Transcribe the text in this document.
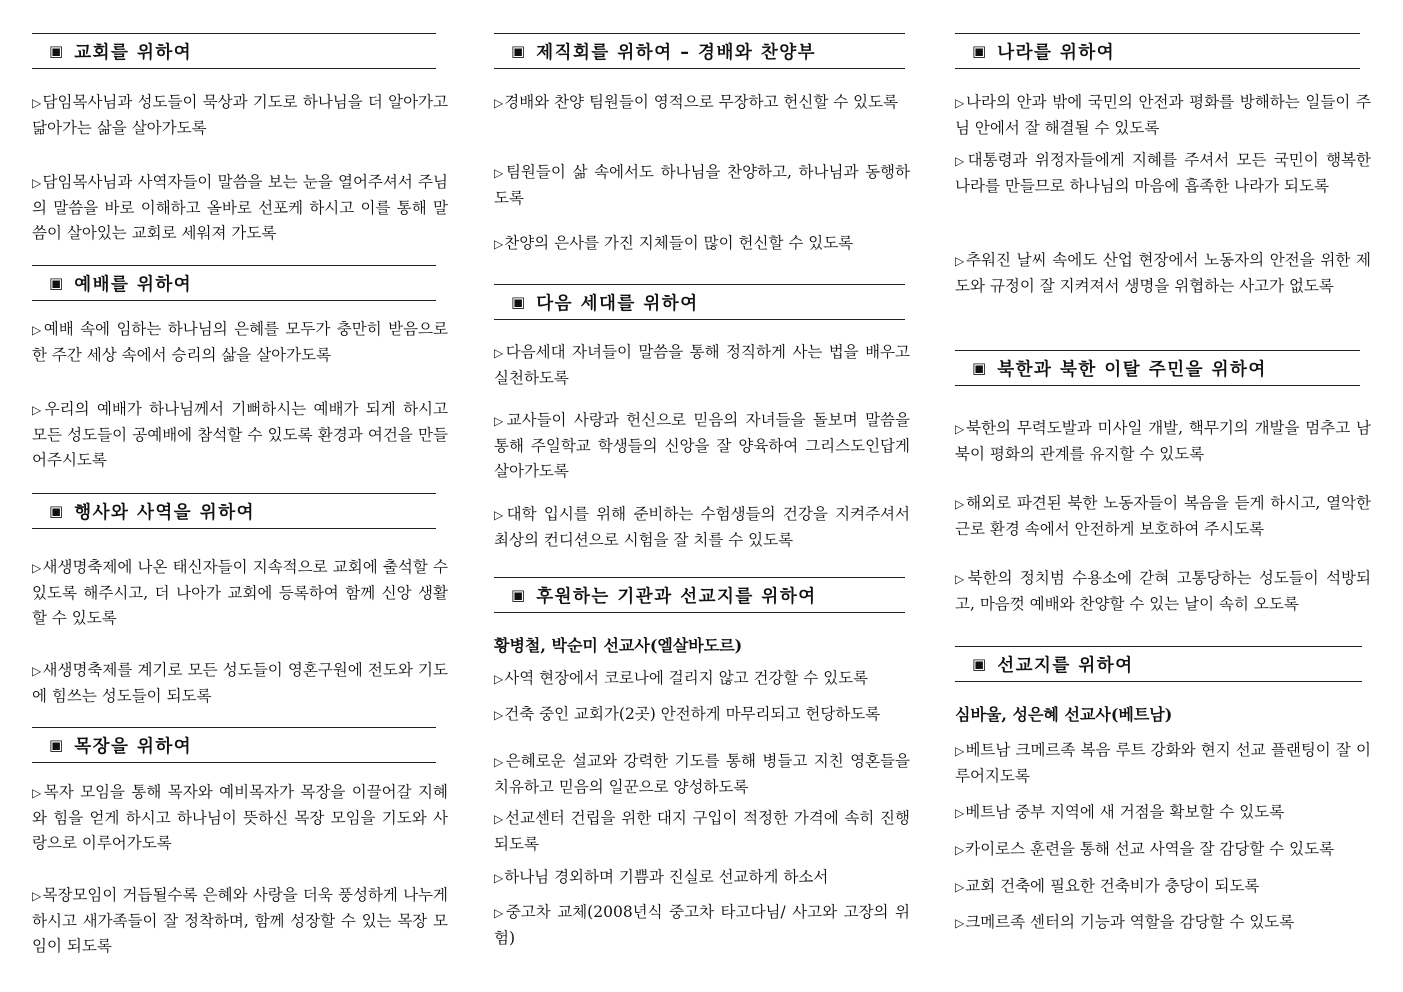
▣ 교회를 위하여
▷담임목사님과 성도들이 묵상과 기도로 하나님을 더 알아가고 닮아가는 삶을 살아가도록
▷담임목사님과 사역자들이 말씀을 보는 눈을 열어주셔서 주님의 말씀을 바로 이해하고 올바로 선포케 하시고 이를 통해 말씀이 살아있는 교회로 세워져 가도록
▣ 예배를 위하여
▷예배 속에 임하는 하나님의 은혜를 모두가 충만히 받음으로 한 주간 세상 속에서 승리의 삶을 살아가도록
▷우리의 예배가 하나님께서 기뻐하시는 예배가 되게 하시고 모든 성도들이 공예배에 참석할 수 있도록 환경과 여건을 만들어주시도록
▣ 행사와 사역을 위하여
▷새생명축제에 나온 태신자들이 지속적으로 교회에 출석할 수 있도록 해주시고, 더 나아가 교회에 등록하여 함께 신앙 생활할 수 있도록
▷새생명축제를 계기로 모든 성도들이 영혼구원에 전도와 기도에 힘쓰는 성도들이 되도록
▣ 목장을 위하여
▷목자 모임을 통해 목자와 예비목자가 목장을 이끌어갈 지혜와 힘을 얻게 하시고 하나님이 뜻하신 목장 모임을 기도와 사랑으로 이루어가도록
▷목장모임이 거듭될수록 은혜와 사랑을 더욱 풍성하게 나누게 하시고 새가족들이 잘 정착하며, 함께 성장할 수 있는 목장 모임이 되도록
▣ 제직회를 위하여 – 경배와 찬양부
▷경배와 찬양 팀원들이 영적으로 무장하고 헌신할 수 있도록
▷팀원들이 삶 속에서도 하나님을 찬양하고, 하나님과 동행하도록
▷찬양의 은사를 가진 지체들이 많이 헌신할 수 있도록
▣ 다음 세대를 위하여
▷다음세대 자녀들이 말씀을 통해 정직하게 사는 법을 배우고 실천하도록
▷교사들이 사랑과 헌신으로 믿음의 자녀들을 돌보며 말씀을 통해 주일학교 학생들의 신앙을 잘 양육하여 그리스도인답게 살아가도록
▷대학 입시를 위해 준비하는 수험생들의 건강을 지켜주셔서 최상의 컨디션으로 시험을 잘 치를 수 있도록
▣ 후원하는 기관과 선교지를 위하여
황병철, 박순미 선교사(엘살바도르)
▷사역 현장에서 코로나에 걸리지 않고 건강할 수 있도록
▷건축 중인 교회가(2곳) 안전하게 마무리되고 헌당하도록
▷은혜로운 설교와 강력한 기도를 통해 병들고 지친 영혼들을 치유하고 믿음의 일꾼으로 양성하도록
▷선교센터 건립을 위한 대지 구입이 적정한 가격에 속히 진행되도록
▷하나님 경외하며 기쁨과 진실로 선교하게 하소서
▷중고차 교체(2008년식 중고차 타고다님/ 사고와 고장의 위험)
▣ 나라를 위하여
▷나라의 안과 밖에 국민의 안전과 평화를 방해하는 일들이 주님 안에서 잘 해결될 수 있도록
▷대통령과 위정자들에게 지혜를 주셔서 모든 국민이 행복한 나라를 만들므로 하나님의 마음에 흡족한 나라가 되도록
▷추워진 날씨 속에도 산업 현장에서 노동자의 안전을 위한 제도와 규정이 잘 지켜져서 생명을 위협하는 사고가 없도록
▣ 북한과 북한 이탈 주민을 위하여
▷북한의 무력도발과 미사일 개발, 핵무기의 개발을 멈추고 남북이 평화의 관계를 유지할 수 있도록
▷해외로 파견된 북한 노동자들이 복음을 듣게 하시고, 열악한 근로 환경 속에서 안전하게 보호하여 주시도록
▷북한의 정치범 수용소에 갇혀 고통당하는 성도들이 석방되고, 마음껏 예배와 찬양할 수 있는 날이 속히 오도록
▣ 선교지를 위하여
심바울, 성은혜 선교사(베트남)
▷베트남 크메르족 복음 루트 강화와 현지 선교 플랜팅이 잘 이루어지도록
▷베트남 중부 지역에 새 거점을 확보할 수 있도록
▷카이로스 훈련을 통해 선교 사역을 잘 감당할 수 있도록
▷교회 건축에 필요한 건축비가 충당이 되도록
▷크메르족 센터의 기능과 역할을 감당할 수 있도록
